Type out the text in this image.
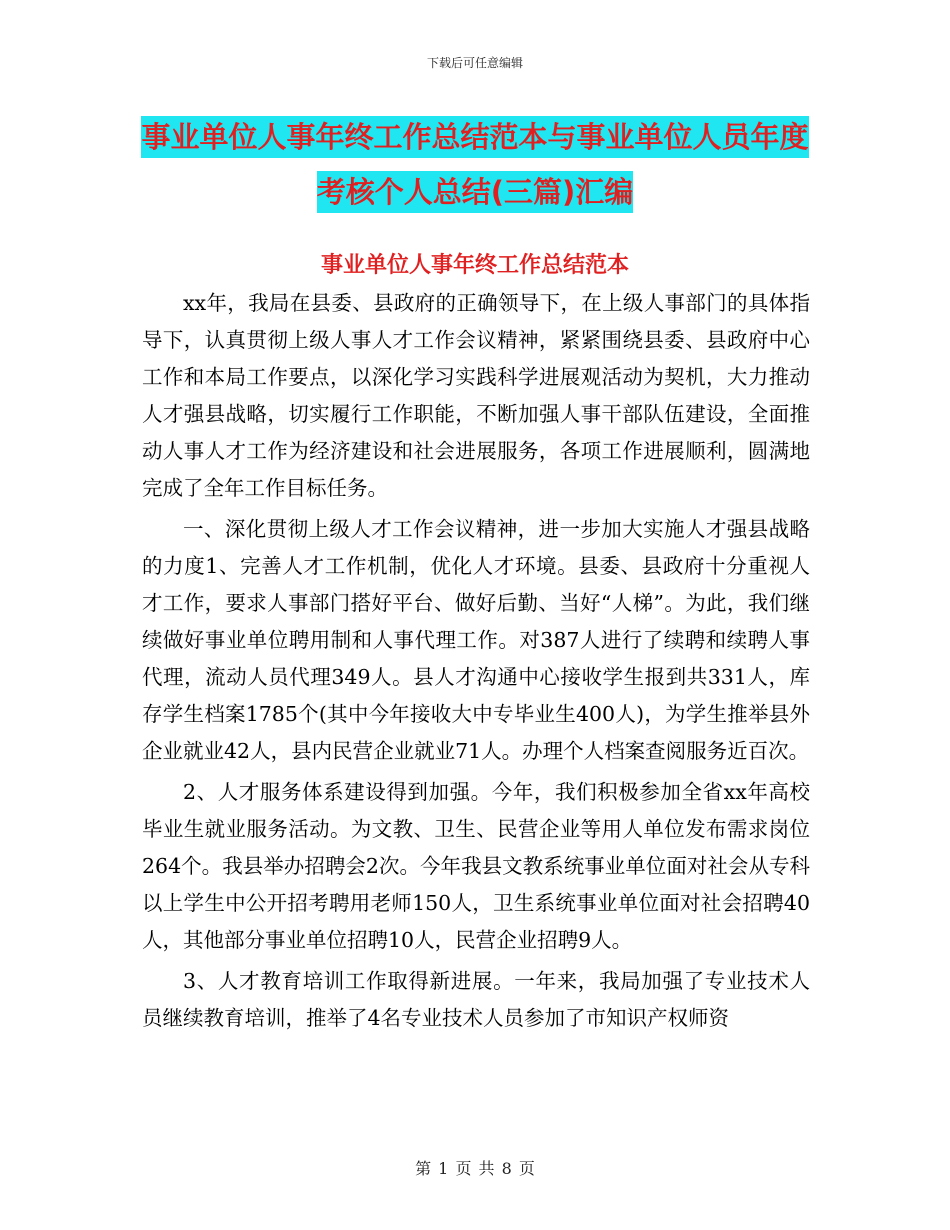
下载后可任意编辑
事业单位人事年终工作总结范本与事业单位人员年度
考核个人总结(三篇)汇编
事业单位人事年终工作总结范本

xx年，我局在县委、县政府的正确领导下，在上级人事部门的具体指导下，认真贯彻上级人事人才工作会议精神，紧紧围绕县委、县政府中心工作和本局工作要点，以深化学习实践科学进展观活动为契机，大力推动人才强县战略，切实履行工作职能，不断加强人事干部队伍建设，全面推动人事人才工作为经济建设和社会进展服务，各项工作进展顺利，圆满地完成了全年工作目标任务。

一、深化贯彻上级人才工作会议精神，进一步加大实施人才强县战略的力度1、完善人才工作机制，优化人才环境。县委、县政府十分重视人才工作，要求人事部门搭好平台、做好后勤、当好“人梯”。为此，我们继续做好事业单位聘用制和人事代理工作。对387人进行了续聘和续聘人事代理，流动人员代理349人。县人才沟通中心接收学生报到共331人，库存学生档案1785个(其中今年接收大中专毕业生400人)，为学生推举县外企业就业42人，县内民营企业就业71人。办理个人档案查阅服务近百次。

2、人才服务体系建设得到加强。今年，我们积极参加全省xx年高校毕业生就业服务活动。为文教、卫生、民营企业等用人单位发布需求岗位264个。我县举办招聘会2次。今年我县文教系统事业单位面对社会从专科以上学生中公开招考聘用老师150人，卫生系统事业单位面对社会招聘40人，其他部分事业单位招聘10人，民营企业招聘9人。

3、人才教育培训工作取得新进展。一年来，我局加强了专业技术人员继续教育培训，推举了4名专业技术人员参加了市知识产权师资

第 1 页 共 8 页
